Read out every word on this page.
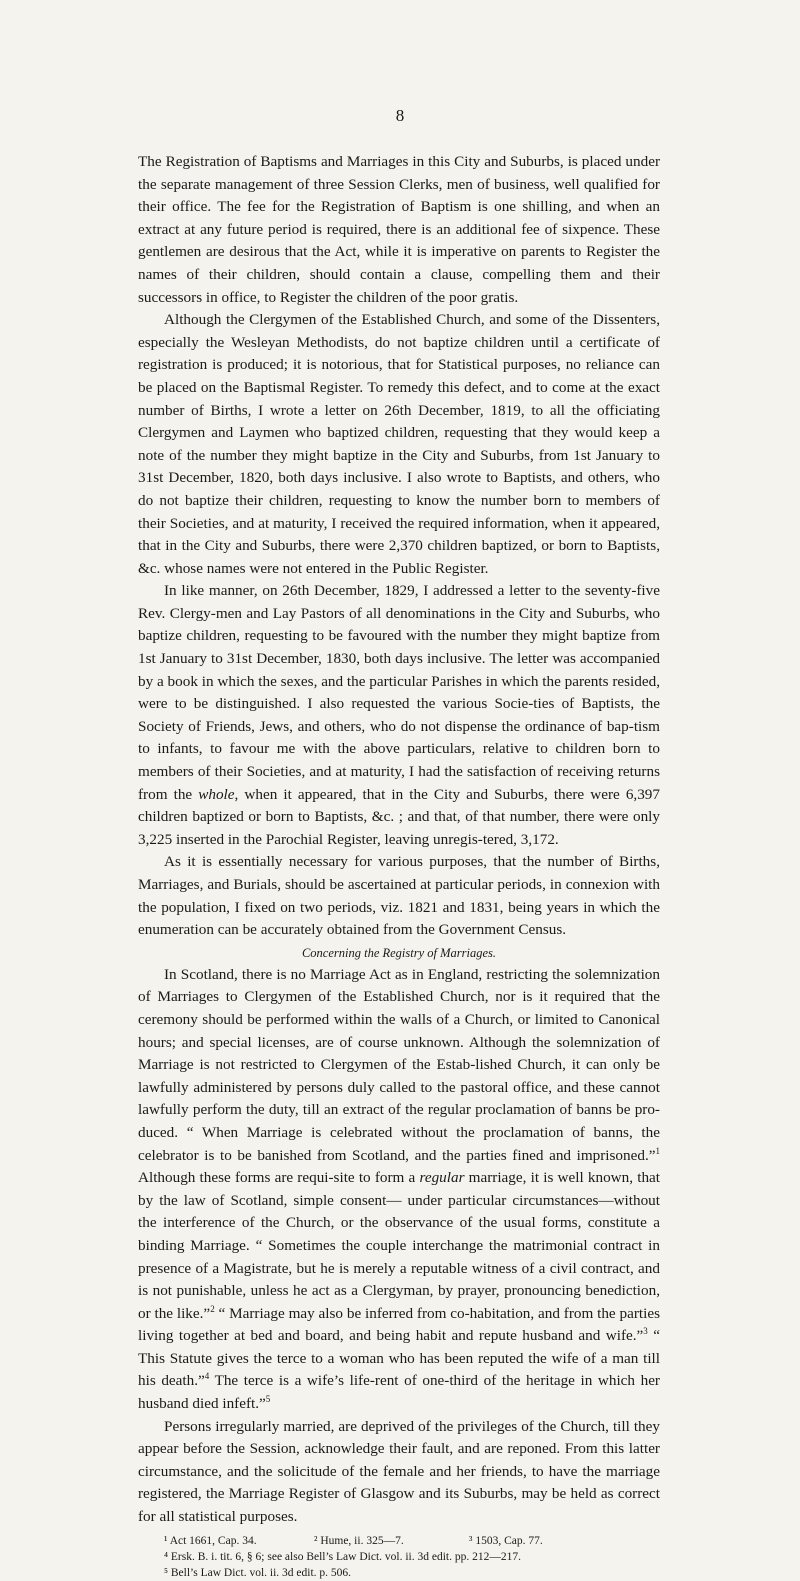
8

The Registration of Baptisms and Marriages in this City and Suburbs, is placed under the separate management of three Session Clerks, men of business, well qualified for their office. The fee for the Registration of Baptism is one shilling, and when an extract at any future period is required, there is an additional fee of sixpence. These gentlemen are desirous that the Act, while it is imperative on parents to Register the names of their children, should contain a clause, compelling them and their successors in office, to Register the children of the poor gratis.

Although the Clergymen of the Established Church, and some of the Dissenters, especially the Wesleyan Methodists, do not baptize children until a certificate of registration is produced; it is notorious, that for Statistical purposes, no reliance can be placed on the Baptismal Register. To remedy this defect, and to come at the exact number of Births, I wrote a letter on 26th December, 1819, to all the officiating Clergymen and Laymen who baptized children, requesting that they would keep a note of the number they might baptize in the City and Suburbs, from 1st January to 31st December, 1820, both days inclusive. I also wrote to Baptists, and others, who do not baptize their children, requesting to know the number born to members of their Societies, and at maturity, I received the required information, when it appeared, that in the City and Suburbs, there were 2,370 children baptized, or born to Baptists, &c. whose names were not entered in the Public Register.

In like manner, on 26th December, 1829, I addressed a letter to the seventy-five Rev. Clergy-men and Lay Pastors of all denominations in the City and Suburbs, who baptize children, requesting to be favoured with the number they might baptize from 1st January to 31st December, 1830, both days inclusive. The letter was accompanied by a book in which the sexes, and the particular Parishes in which the parents resided, were to be distinguished. I also requested the various Socie-ties of Baptists, the Society of Friends, Jews, and others, who do not dispense the ordinance of bap-tism to infants, to favour me with the above particulars, relative to children born to members of their Societies, and at maturity, I had the satisfaction of receiving returns from the whole, when it appeared, that in the City and Suburbs, there were 6,397 children baptized or born to Baptists, &c. ; and that, of that number, there were only 3,225 inserted in the Parochial Register, leaving unregis-tered, 3,172.

As it is essentially necessary for various purposes, that the number of Births, Marriages, and Burials, should be ascertained at particular periods, in connexion with the population, I fixed on two periods, viz. 1821 and 1831, being years in which the enumeration can be accurately obtained from the Government Census.

Concerning the Registry of Marriages.

In Scotland, there is no Marriage Act as in England, restricting the solemnization of Marriages to Clergymen of the Established Church, nor is it required that the ceremony should be performed within the walls of a Church, or limited to Canonical hours; and special licenses, are of course unknown. Although the solemnization of Marriage is not restricted to Clergymen of the Estab-lished Church, it can only be lawfully administered by persons duly called to the pastoral office, and these cannot lawfully perform the duty, till an extract of the regular proclamation of banns be pro-duced. “ When Marriage is celebrated without the proclamation of banns, the celebrator is to be banished from Scotland, and the parties fined and imprisoned.”$^1$ Although these forms are requi-site to form a regular marriage, it is well known, that by the law of Scotland, simple consent— under particular circumstances—without the interference of the Church, or the observance of the usual forms, constitute a binding Marriage. “ Sometimes the couple interchange the matrimonial contract in presence of a Magistrate, but he is merely a reputable witness of a civil contract, and is not punishable, unless he act as a Clergyman, by prayer, pronouncing benediction, or the like.”$^2$ “ Marriage may also be inferred from co-habitation, and from the parties living together at bed and board, and being habit and repute husband and wife.”$^3$ “ This Statute gives the terce to a woman who has been reputed the wife of a man till his death.”$^4$ The terce is a wife’s life-rent of one-third of the heritage in which her husband died infeft.”$^5$

Persons irregularly married, are deprived of the privileges of the Church, till they appear before the Session, acknowledge their fault, and are reponed. From this latter circumstance, and the solicitude of the female and her friends, to have the marriage registered, the Marriage Register of Glasgow and its Suburbs, may be held as correct for all statistical purposes.

¹ Act 1661, Cap. 34.	² Hume, ii. 325—7.	³ 1503, Cap. 77.
⁴ Ersk. B. i. tit. 6, § 6; see also Bell’s Law Dict. vol. ii. 3d edit. pp. 212—217.
⁵ Bell’s Law Dict. vol. ii. 3d edit. p. 506.
